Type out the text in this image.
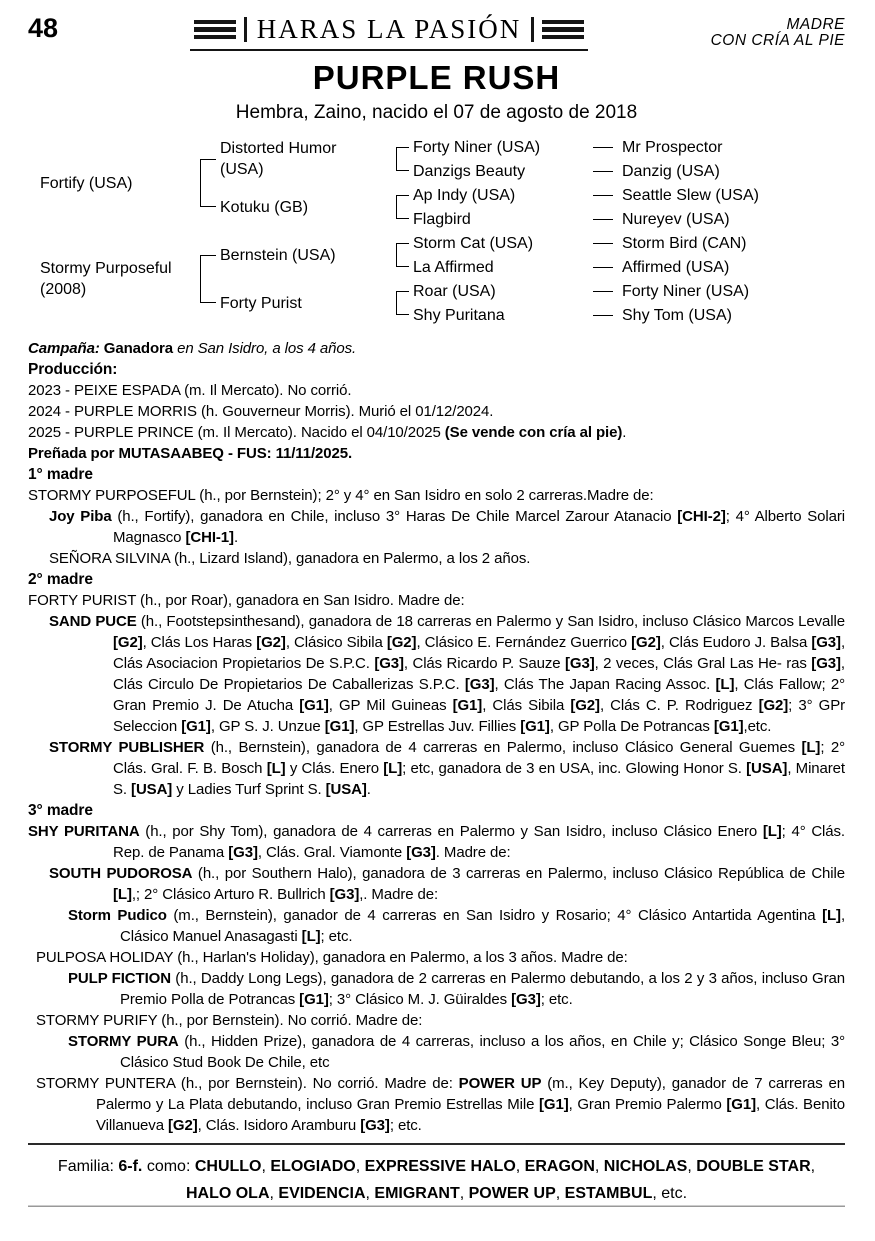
48	HARAS LA PASIÓN	MADRE
CON CRÍA AL PIE
PURPLE RUSH
Hembra, Zaino, nacido el 07 de agosto de 2018
Fortify (USA)
Stormy Purposeful
(2008)
Distorted Humor (USA)
Kotuku (GB)
Bernstein (USA)
Forty Purist
Forty Niner (USA)
Danzigs Beauty
Ap Indy (USA)
Flagbird
Storm Cat (USA)
La Affirmed
Roar (USA)
Shy Puritana
Mr Prospector
Danzig (USA)
Seattle Slew (USA)
Nureyev (USA)
Storm Bird (CAN)
Affirmed (USA)
Forty Niner (USA)
Shy Tom (USA)

Campaña: Ganadora en San Isidro, a los 4 años.

Producción:

2023 - PEIXE ESPADA (m. Il Mercato). No corrió.

2024 - PURPLE MORRIS (h. Gouverneur Morris). Murió el 01/12/2024.

2025 - PURPLE PRINCE (m. Il Mercato). Nacido el 04/10/2025 (Se vende con cría al pie).

Preñada por MUTASAABEQ - FUS: 11/11/2025.

1° madre

STORMY PURPOSEFUL (h., por Bernstein); 2° y 4° en San Isidro en solo 2 carreras.Madre de:

Joy Piba (h., Fortify), ganadora en Chile, incluso 3° Haras De Chile Marcel Zarour Atanacio [CHI-2]; 4° Alberto Solari Magnasco [CHI-1].

SEÑORA SILVINA (h., Lizard Island), ganadora en Palermo, a los 2 años.

2° madre

FORTY PURIST (h., por Roar), ganadora en San Isidro. Madre de:

SAND PUCE (h., Footstepsinthesand), ganadora de 18 carreras en Palermo y San Isidro, incluso Clásico Marcos Levalle [G2], Clás Los Haras [G2], Clásico Sibila [G2], Clásico E. Fernández Guerrico [G2], Clás Eudoro J. Balsa [G3], Clás Asociacion Propietarios De S.P.C. [G3], Clás Ricardo P. Sauze [G3], 2 veces, Clás Gral Las He- ras [G3], Clás Circulo De Propietarios De Caballerizas S.P.C. [G3], Clás The Japan Racing Assoc. [L], Clás Fallow; 2° Gran Premio J. De Atucha [G1], GP Mil Guineas [G1], Clás Sibila [G2], Clás C. P. Rodriguez [G2]; 3° GPr Seleccion [G1], GP S. J. Unzue [G1], GP Estrellas Juv. Fillies [G1], GP Polla De Potrancas [G1],etc.

STORMY PUBLISHER (h., Bernstein), ganadora de 4 carreras en Palermo, incluso Clásico General Guemes [L]; 2° Clás. Gral. F. B. Bosch [L] y Clás. Enero [L]; etc, ganadora de 3 en USA, inc. Glowing Honor S. [USA], Minaret S. [USA] y Ladies Turf Sprint S. [USA].

3° madre

SHY PURITANA (h., por Shy Tom), ganadora de 4 carreras en Palermo y San Isidro, incluso Clásico Enero [L]; 4° Clás. Rep. de Panama [G3], Clás. Gral. Viamonte [G3]. Madre de:

SOUTH PUDOROSA (h., por Southern Halo), ganadora de 3 carreras en Palermo, incluso Clásico República de Chile [L],; 2° Clásico Arturo R. Bullrich [G3],. Madre de:

Storm Pudico (m., Bernstein), ganador de 4 carreras en San Isidro y Rosario; 4° Clásico Antartida Agentina [L], Clásico Manuel Anasagasti [L]; etc.

PULPOSA HOLIDAY (h., Harlan's Holiday), ganadora en Palermo, a los 3 años. Madre de:

PULP FICTION (h., Daddy Long Legs), ganadora de 2 carreras en Palermo debutando, a los 2 y 3 años, incluso Gran Premio Polla de Potrancas [G1]; 3° Clásico M. J. Güiraldes [G3]; etc.

STORMY PURIFY (h., por Bernstein). No corrió. Madre de:

STORMY PURA (h., Hidden Prize), ganadora de 4 carreras, incluso a los años, en Chile y; Clásico Songe Bleu; 3° Clásico Stud Book De Chile, etc

STORMY PUNTERA (h., por Bernstein). No corrió. Madre de: POWER UP (m., Key Deputy), ganador de 7 carreras en Palermo y La Plata debutando, incluso Gran Premio Estrellas Mile [G1], Gran Premio Palermo [G1], Clás. Benito Villanueva [G2], Clás. Isidoro Aramburu [G3]; etc.

Familia: 6-f. como: CHULLO, ELOGIADO, EXPRESSIVE HALO, ERAGON, NICHOLAS, DOUBLE STAR, HALO OLA, EVIDENCIA, EMIGRANT, POWER UP, ESTAMBUL, etc.
